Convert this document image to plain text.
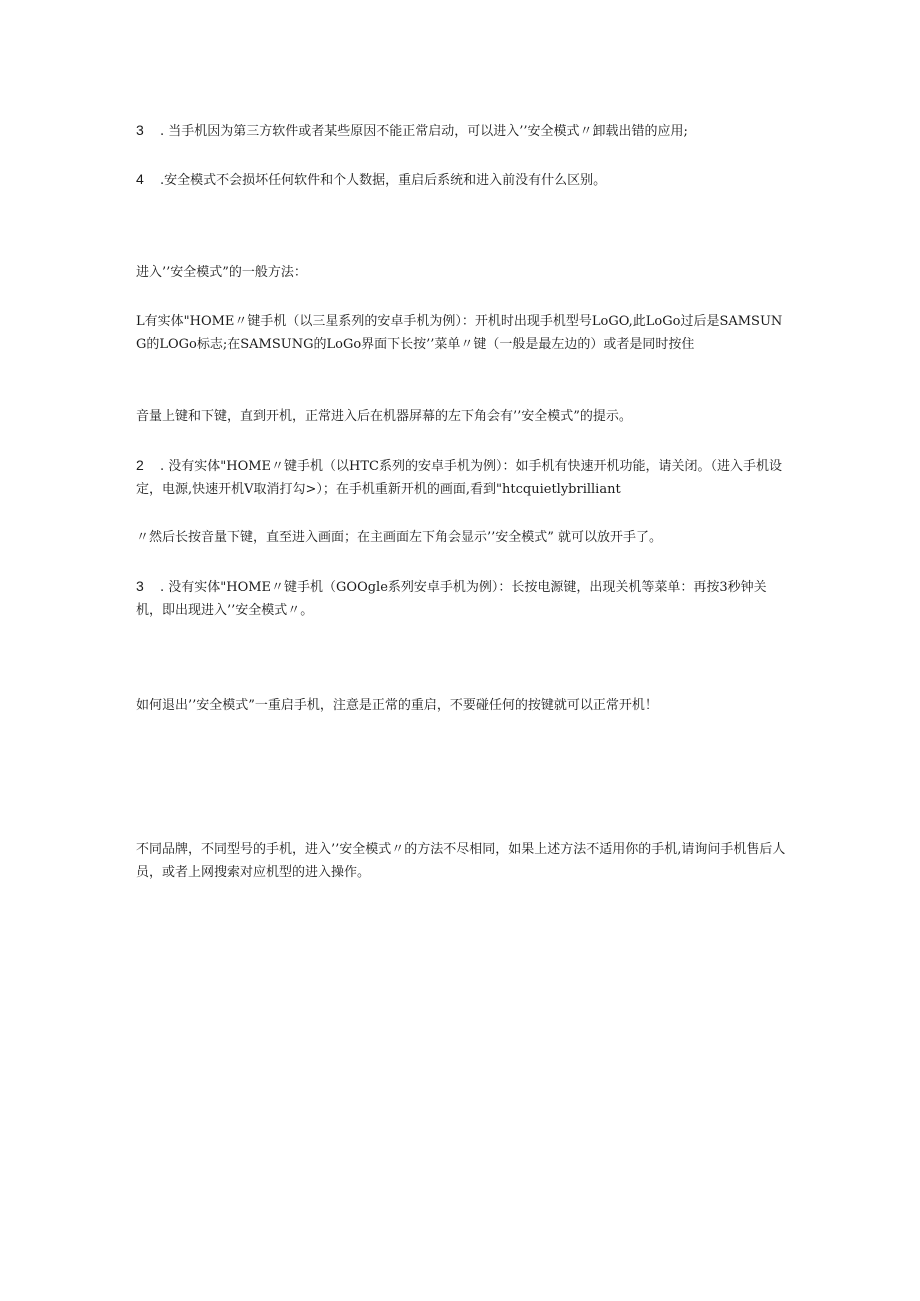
3 . 当手机因为第三方软件或者某些原因不能正常启动，可以进入’’安全模式〃卸载出错的应用;

4 .安全模式不会损坏任何软件和个人数据，重启后系统和进入前没有什么区别。

进入’’安全模式”的一般方法：

L有实体"HOME〃键手机（以三星系列的安卓手机为例）：开机时出现手机型号LoGO,此LoGo过后是SAMSUNG的LOGo标志;在SAMSUNG的LoGo界面下长按’’菜单〃键（一般是最左边的）或者是同时按住

音量上键和下键，直到开机，正常进入后在机器屏幕的左下角会有’’安全模式”的提示。

2 . 没有实体"HOME〃键手机（以HTC系列的安卓手机为例）：如手机有快速开机功能，请关闭。（进入手机设定，电源,快速开机V取消打勾>）；在手机重新开机的画面,看到"htcquietlybrilliant

〃然后长按音量下键，直至进入画面；在主画面左下角会显示’’安全模式” 就可以放开手了。

3 . 没有实体"HOME〃键手机（GOOgle系列安卓手机为例）：长按电源键，出现关机等菜单：再按3秒钟关机，即出现进入’’安全模式〃。

如何退出’’安全模式”一重启手机，注意是正常的重启，不要碰任何的按键就可以正常开机！

不同品牌，不同型号的手机，进入’’安全模式〃的方法不尽相同，如果上述方法不适用你的手机,请询问手机售后人员，或者上网搜索对应机型的进入操作。
